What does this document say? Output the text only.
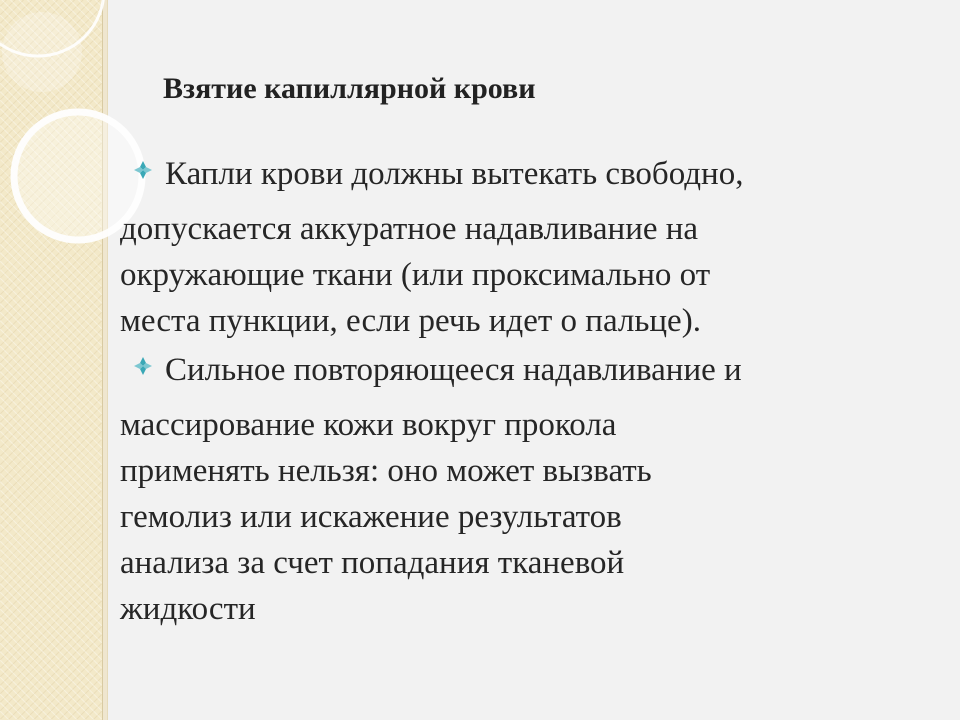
Взятие капиллярной крови
Капли крови должны вытекать свободно,
допускается аккуратное надавливание на
окружающие ткани (или проксимально от
места пункции, если речь идет о пальце).
Сильное повторяющееся надавливание и
массирование кожи вокруг прокола
применять нельзя: оно может вызвать
гемолиз или искажение результатов
анализа за счет попадания тканевой
жидкости
